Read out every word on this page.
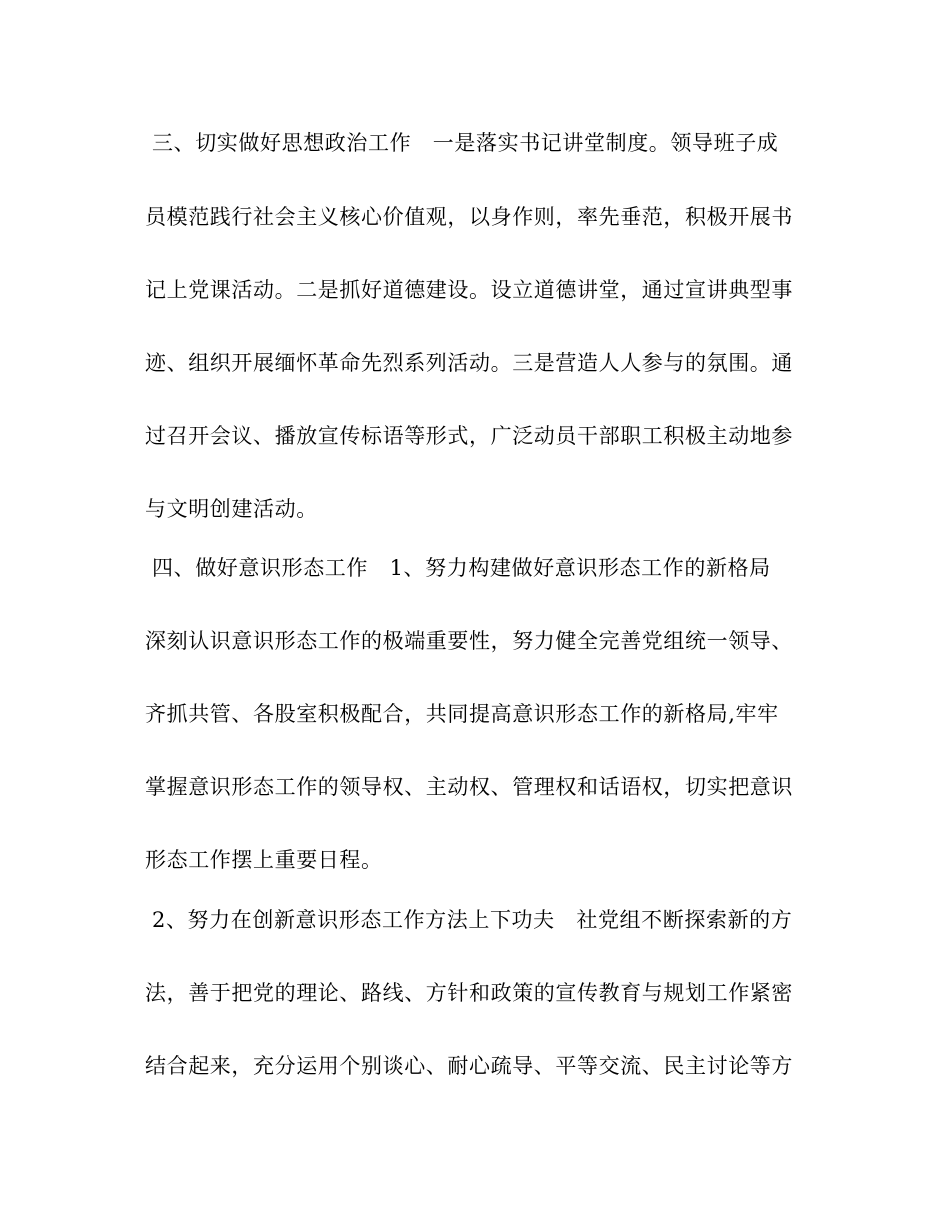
三、切实做好思想政治工作　一是落实书记讲堂制度。领导班子成
员模范践行社会主义核心价值观，以身作则，率先垂范，积极开展书
记上党课活动。二是抓好道德建设。设立道德讲堂，通过宣讲典型事
迹、组织开展缅怀革命先烈系列活动。三是营造人人参与的氛围。通
过召开会议、播放宣传标语等形式，广泛动员干部职工积极主动地参
与文明创建活动。
四、做好意识形态工作　1、努力构建做好意识形态工作的新格局
深刻认识意识形态工作的极端重要性，努力健全完善党组统一领导、
齐抓共管、各股室积极配合，共同提高意识形态工作的新格局,牢牢
掌握意识形态工作的领导权、主动权、管理权和话语权，切实把意识
形态工作摆上重要日程。
2、努力在创新意识形态工作方法上下功夫　社党组不断探索新的方
法，善于把党的理论、路线、方针和政策的宣传教育与规划工作紧密
结合起来，充分运用个别谈心、耐心疏导、平等交流、民主讨论等方
